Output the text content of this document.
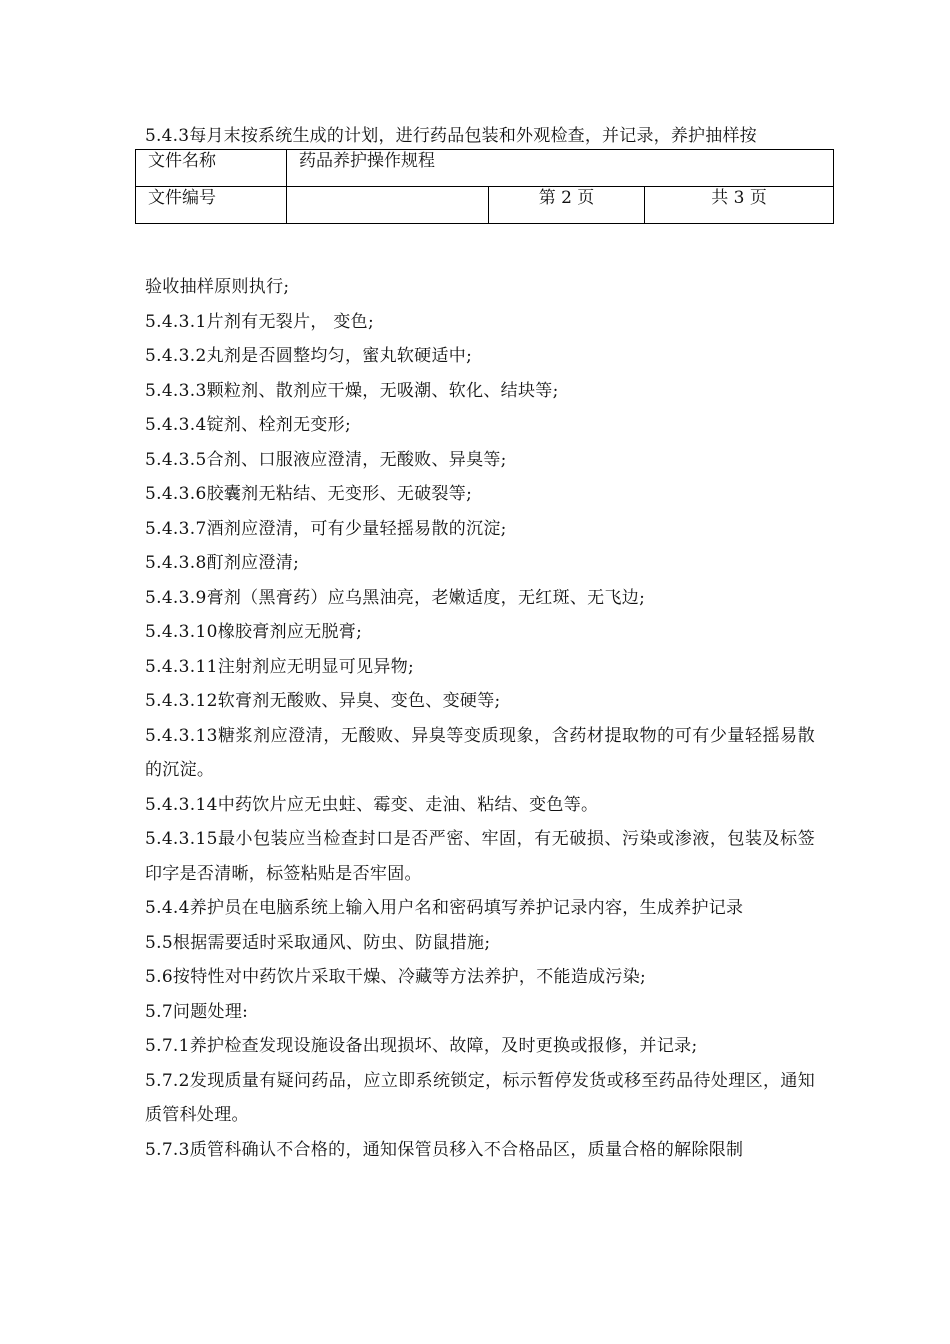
5.4.3每月末按系统生成的计划，进行药品包装和外观检查，并记录，养护抽样按
文件名称	药品养护操作规程		
文件编号		第 2 页	共 3 页

验收抽样原则执行;

5.4.3.1片剂有无裂片， 变色;

5.4.3.2丸剂是否圆整均匀，蜜丸软硬适中;

5.4.3.3颗粒剂、散剂应干燥，无吸潮、软化、结块等;

5.4.3.4锭剂、栓剂无变形;

5.4.3.5合剂、口服液应澄清，无酸败、异臭等;

5.4.3.6胶囊剂无粘结、无变形、无破裂等;

5.4.3.7酒剂应澄清，可有少量轻摇易散的沉淀;

5.4.3.8酊剂应澄清;

5.4.3.9膏剂（黑膏药）应乌黑油亮，老嫩适度，无红斑、无飞边;

5.4.3.10橡胶膏剂应无脱膏;

5.4.3.11注射剂应无明显可见异物;

5.4.3.12软膏剂无酸败、异臭、变色、变硬等;

5.4.3.13糖浆剂应澄清，无酸败、异臭等变质现象，含药材提取物的可有少量轻摇易散的沉淀。

5.4.3.14中药饮片应无虫蛀、霉变、走油、粘结、变色等。

5.4.3.15最小包装应当检查封口是否严密、牢固，有无破损、污染或渗液，包装及标签印字是否清晰，标签粘贴是否牢固。

5.4.4养护员在电脑系统上输入用户名和密码填写养护记录内容，生成养护记录

5.5根据需要适时采取通风、防虫、防鼠措施;

5.6按特性对中药饮片采取干燥、冷藏等方法养护，不能造成污染;

5.7问题处理:

5.7.1养护检查发现设施设备出现损坏、故障，及时更换或报修，并记录;

5.7.2发现质量有疑问药品，应立即系统锁定，标示暂停发货或移至药品待处理区，通知质管科处理。

5.7.3质管科确认不合格的，通知保管员移入不合格品区，质量合格的解除限制
